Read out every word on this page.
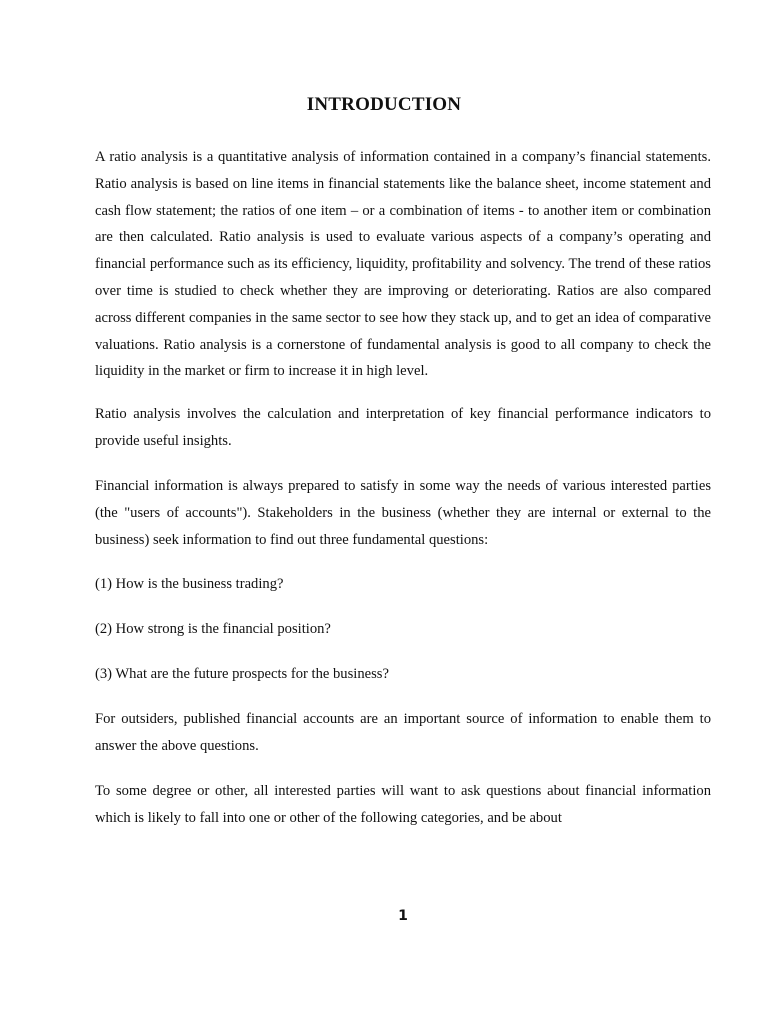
INTRODUCTION

A ratio analysis is a quantitative analysis of information contained in a company’s financial statements. Ratio analysis is based on line items in financial statements like the balance sheet, income statement and cash flow statement; the ratios of one item – or a combination of items - to another item or combination are then calculated. Ratio analysis is used to evaluate various aspects of a company’s operating and financial performance such as its efficiency, liquidity, profitability and solvency. The trend of these ratios over time is studied to check whether they are improving or deteriorating. Ratios are also compared across different companies in the same sector to see how they stack up, and to get an idea of comparative valuations. Ratio analysis is a cornerstone of fundamental analysis is good to all company to check the liquidity in the market or firm to increase it in high level.

Ratio analysis involves the calculation and interpretation of key financial performance indicators to provide useful insights.

Financial information is always prepared to satisfy in some way the needs of various interested parties (the "users of accounts"). Stakeholders in the business (whether they are internal or external to the business) seek information to find out three fundamental questions:

(1) How is the business trading?

(2) How strong is the financial position?

(3) What are the future prospects for the business?

For outsiders, published financial accounts are an important source of information to enable them to answer the above questions.

To some degree or other, all interested parties will want to ask questions about financial information which is likely to fall into one or other of the following categories, and be about

1
